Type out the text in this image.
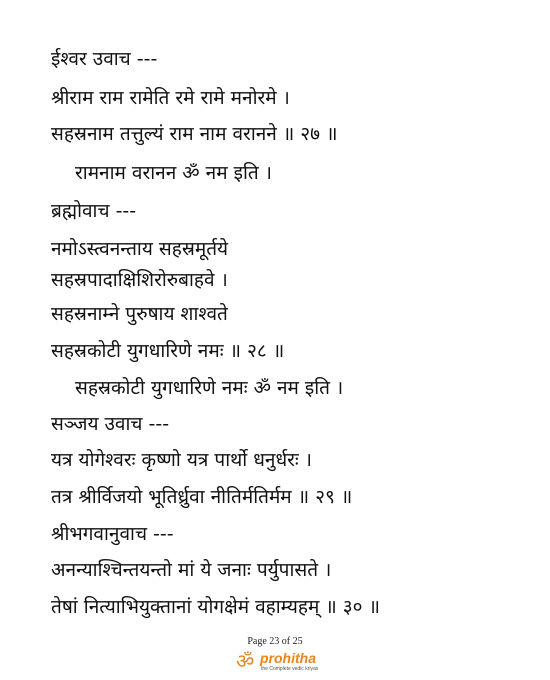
ईश्वर उवाच ---
श्रीराम राम रामेति रमे रामे मनोरमे ।
सहस्रनाम तत्तुल्यं राम नाम वरानने ॥ २७ ॥
रामनाम वरानन ॐ नम इति ।
ब्रह्मोवाच ---
नमोऽस्त्वनन्ताय सहस्रमूर्तये
सहस्रपादाक्षिशिरोरुबाहवे ।
सहस्रनाम्ने पुरुषाय शाश्वते
सहस्रकोटी युगधारिणे नमः ॥ २८ ॥
सहस्रकोटी युगधारिणे नमः ॐ नम इति ।
सञ्जय उवाच ---
यत्र योगेश्वरः कृष्णो यत्र पार्थो धनुर्धरः ।
तत्र श्रीर्विजयो भूतिर्ध्रुवा नीतिर्मतिर्मम ॥ २९ ॥
श्रीभगवानुवाच ---
अनन्याश्चिन्तयन्तो मां ये जनाः पर्युपासते ।
तेषां नित्याभियुक्तानां योगक्षेमं वहाम्यहम् ॥ ३० ॥
Page 23 of 25
ॐ prohitha
the Complete vedic kriyas
